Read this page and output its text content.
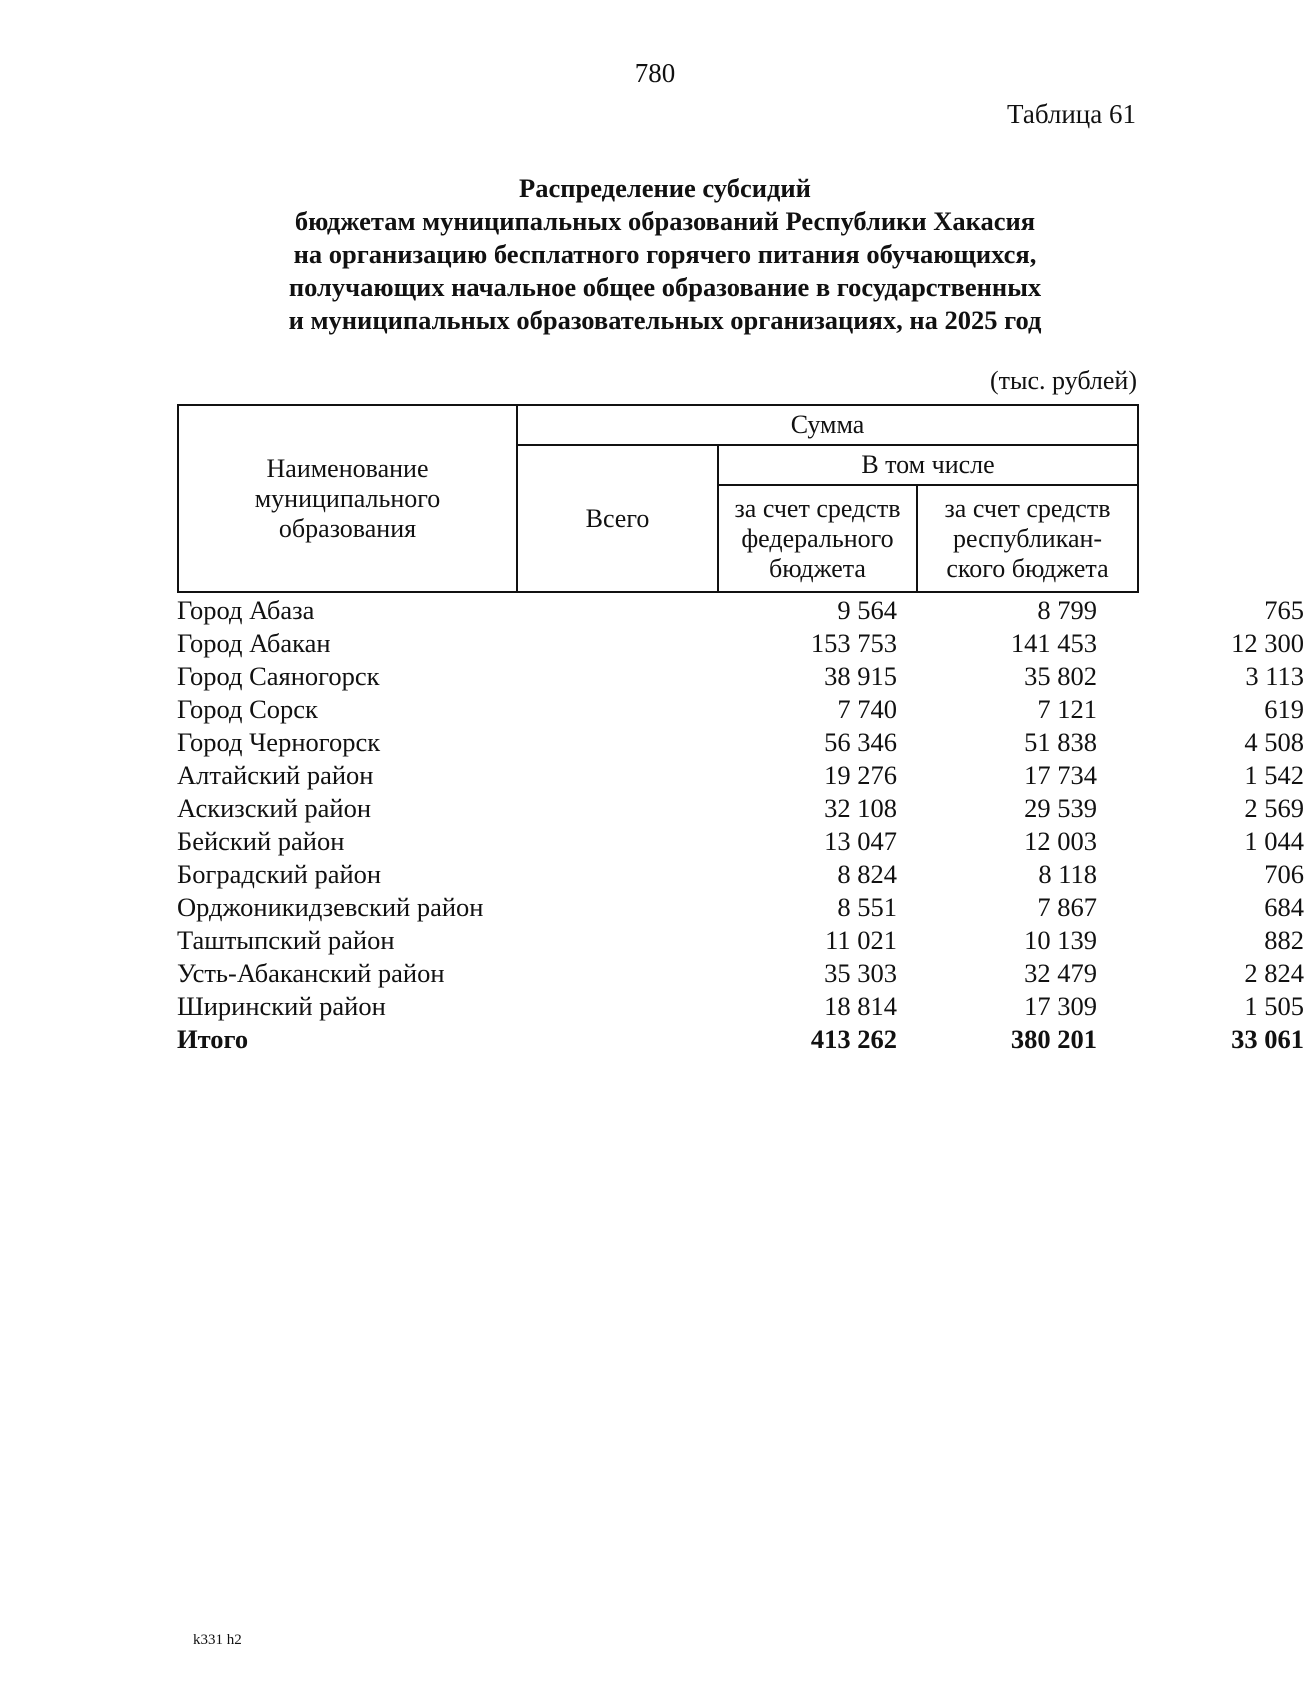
780
Таблица 61
Распределение субсидий
бюджетам муниципальных образований Республики Хакасия
на организацию бесплатного горячего питания обучающихся,
получающих начальное общее образование в государственных
и муниципальных образовательных организациях, на 2025 год
(тыс. рублей)
Наименование муниципального образования	Сумма		
	Всего	В том числе	

		за счет средств федерального бюджета	за счет средств республикан-ского бюджета
Город Абаза	9 564	8 799	765
Город Абакан	153 753	141 453	12 300
Город Саяногорск	38 915	35 802	3 113
Город Сорск	7 740	7 121	619
Город Черногорск	56 346	51 838	4 508
Алтайский район	19 276	17 734	1 542
Аскизский район	32 108	29 539	2 569
Бейский район	13 047	12 003	1 044
Боградский район	8 824	8 118	706
Орджоникидзевский район	8 551	7 867	684
Таштыпский район	11 021	10 139	882
Усть-Абаканский район	35 303	32 479	2 824
Ширинский район	18 814	17 309	1 505
Итого	413 262	380 201	33 061
k331 h2
